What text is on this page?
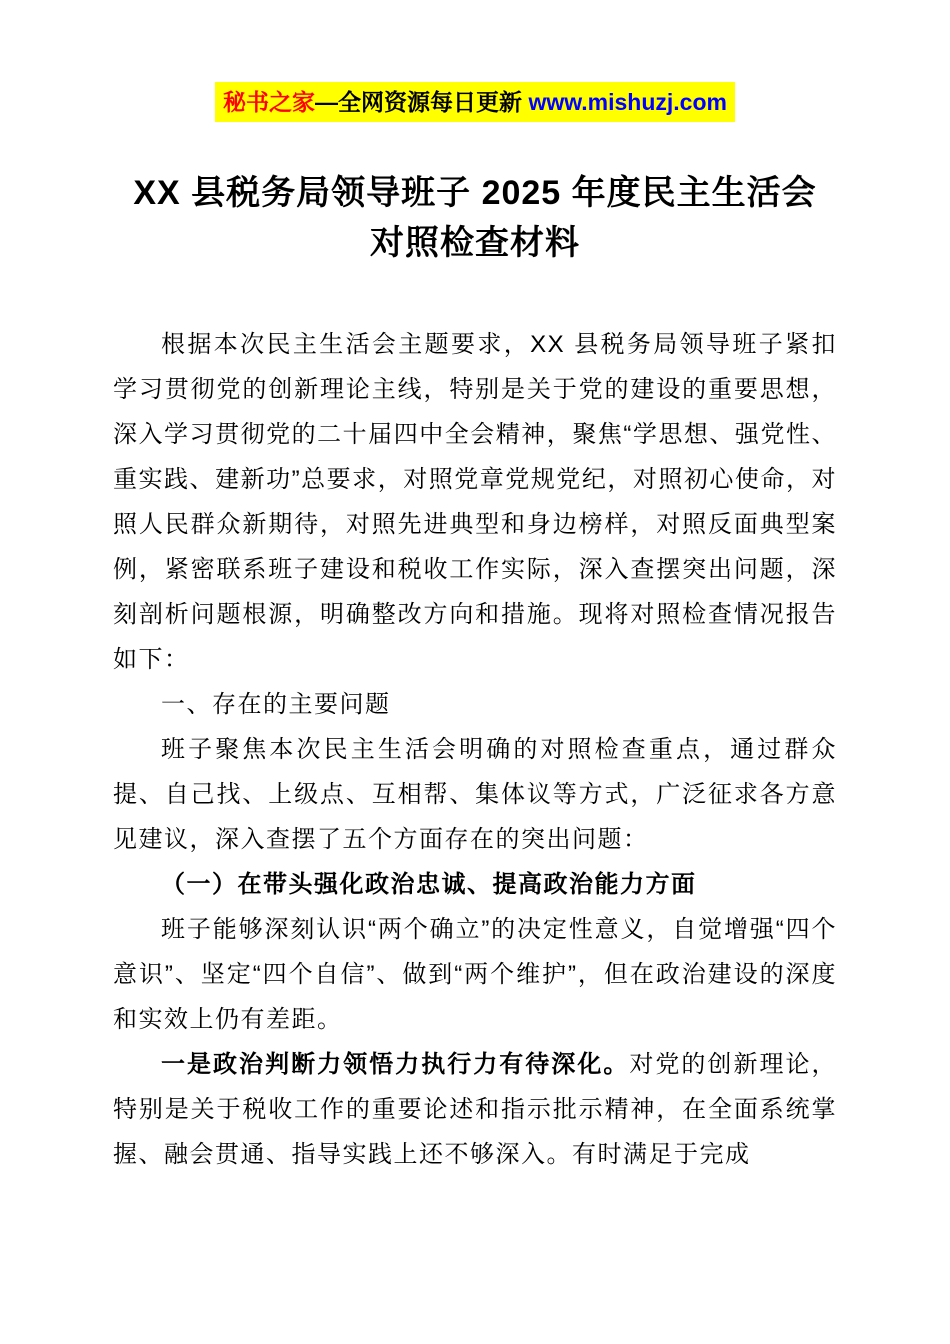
秘书之家—全网资源每日更新 www.mishuzj.com
XX 县税务局领导班子 2025 年度民主生活会对照检查材料

根据本次民主生活会主题要求，XX 县税务局领导班子紧扣学习贯彻党的创新理论主线，特别是关于党的建设的重要思想，深入学习贯彻党的二十届四中全会精神，聚焦“学思想、强党性、重实践、建新功”总要求，对照党章党规党纪，对照初心使命，对照人民群众新期待，对照先进典型和身边榜样，对照反面典型案例，紧密联系班子建设和税收工作实际，深入查摆突出问题，深刻剖析问题根源，明确整改方向和措施。现将对照检查情况报告如下：

一、存在的主要问题

班子聚焦本次民主生活会明确的对照检查重点，通过群众提、自己找、上级点、互相帮、集体议等方式，广泛征求各方意见建议，深入查摆了五个方面存在的突出问题：

（一）在带头强化政治忠诚、提高政治能力方面

班子能够深刻认识“两个确立”的决定性意义，自觉增强“四个意识”、坚定“四个自信”、做到“两个维护”，但在政治建设的深度和实效上仍有差距。

一是政治判断力领悟力执行力有待深化。对党的创新理论，特别是关于税收工作的重要论述和指示批示精神，在全面系统掌握、融会贯通、指导实践上还不够深入。有时满足于完成
